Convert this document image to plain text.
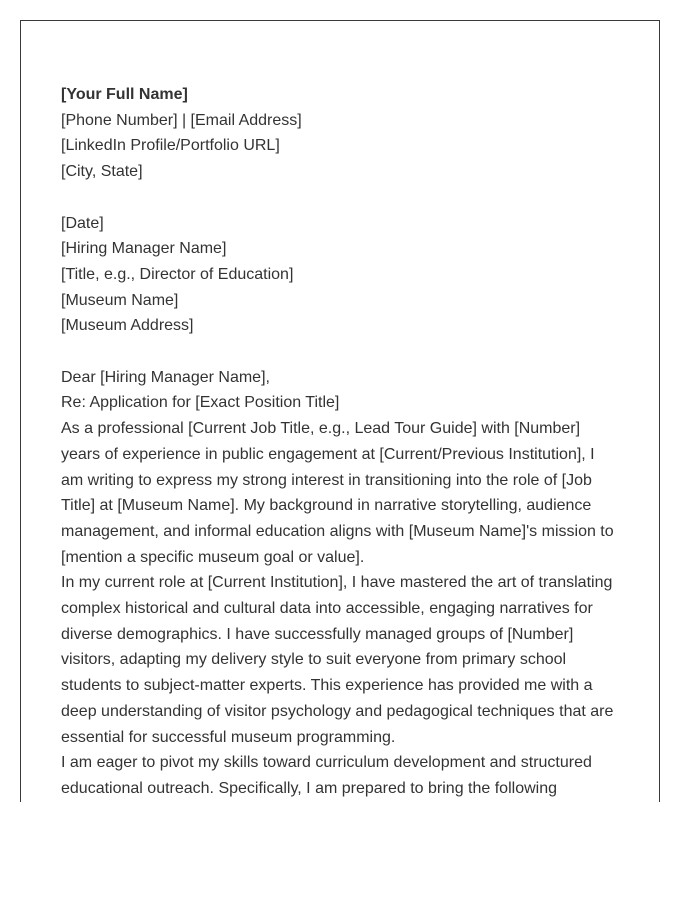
[Your Full Name]
[Phone Number] | [Email Address]
[LinkedIn Profile/Portfolio URL]
[City, State]
[Date]
[Hiring Manager Name]
[Title, e.g., Director of Education]
[Museum Name]
[Museum Address]
Dear [Hiring Manager Name],
Re: Application for [Exact Position Title]
As a professional [Current Job Title, e.g., Lead Tour Guide] with [Number]
years of experience in public engagement at [Current/Previous Institution], I
am writing to express my strong interest in transitioning into the role of [Job
Title] at [Museum Name]. My background in narrative storytelling, audience
management, and informal education aligns with [Museum Name]'s mission to
[mention a specific museum goal or value].
In my current role at [Current Institution], I have mastered the art of translating
complex historical and cultural data into accessible, engaging narratives for
diverse demographics. I have successfully managed groups of [Number]
visitors, adapting my delivery style to suit everyone from primary school
students to subject-matter experts. This experience has provided me with a
deep understanding of visitor psychology and pedagogical techniques that are
essential for successful museum programming.
I am eager to pivot my skills toward curriculum development and structured
educational outreach. Specifically, I am prepared to bring the following
